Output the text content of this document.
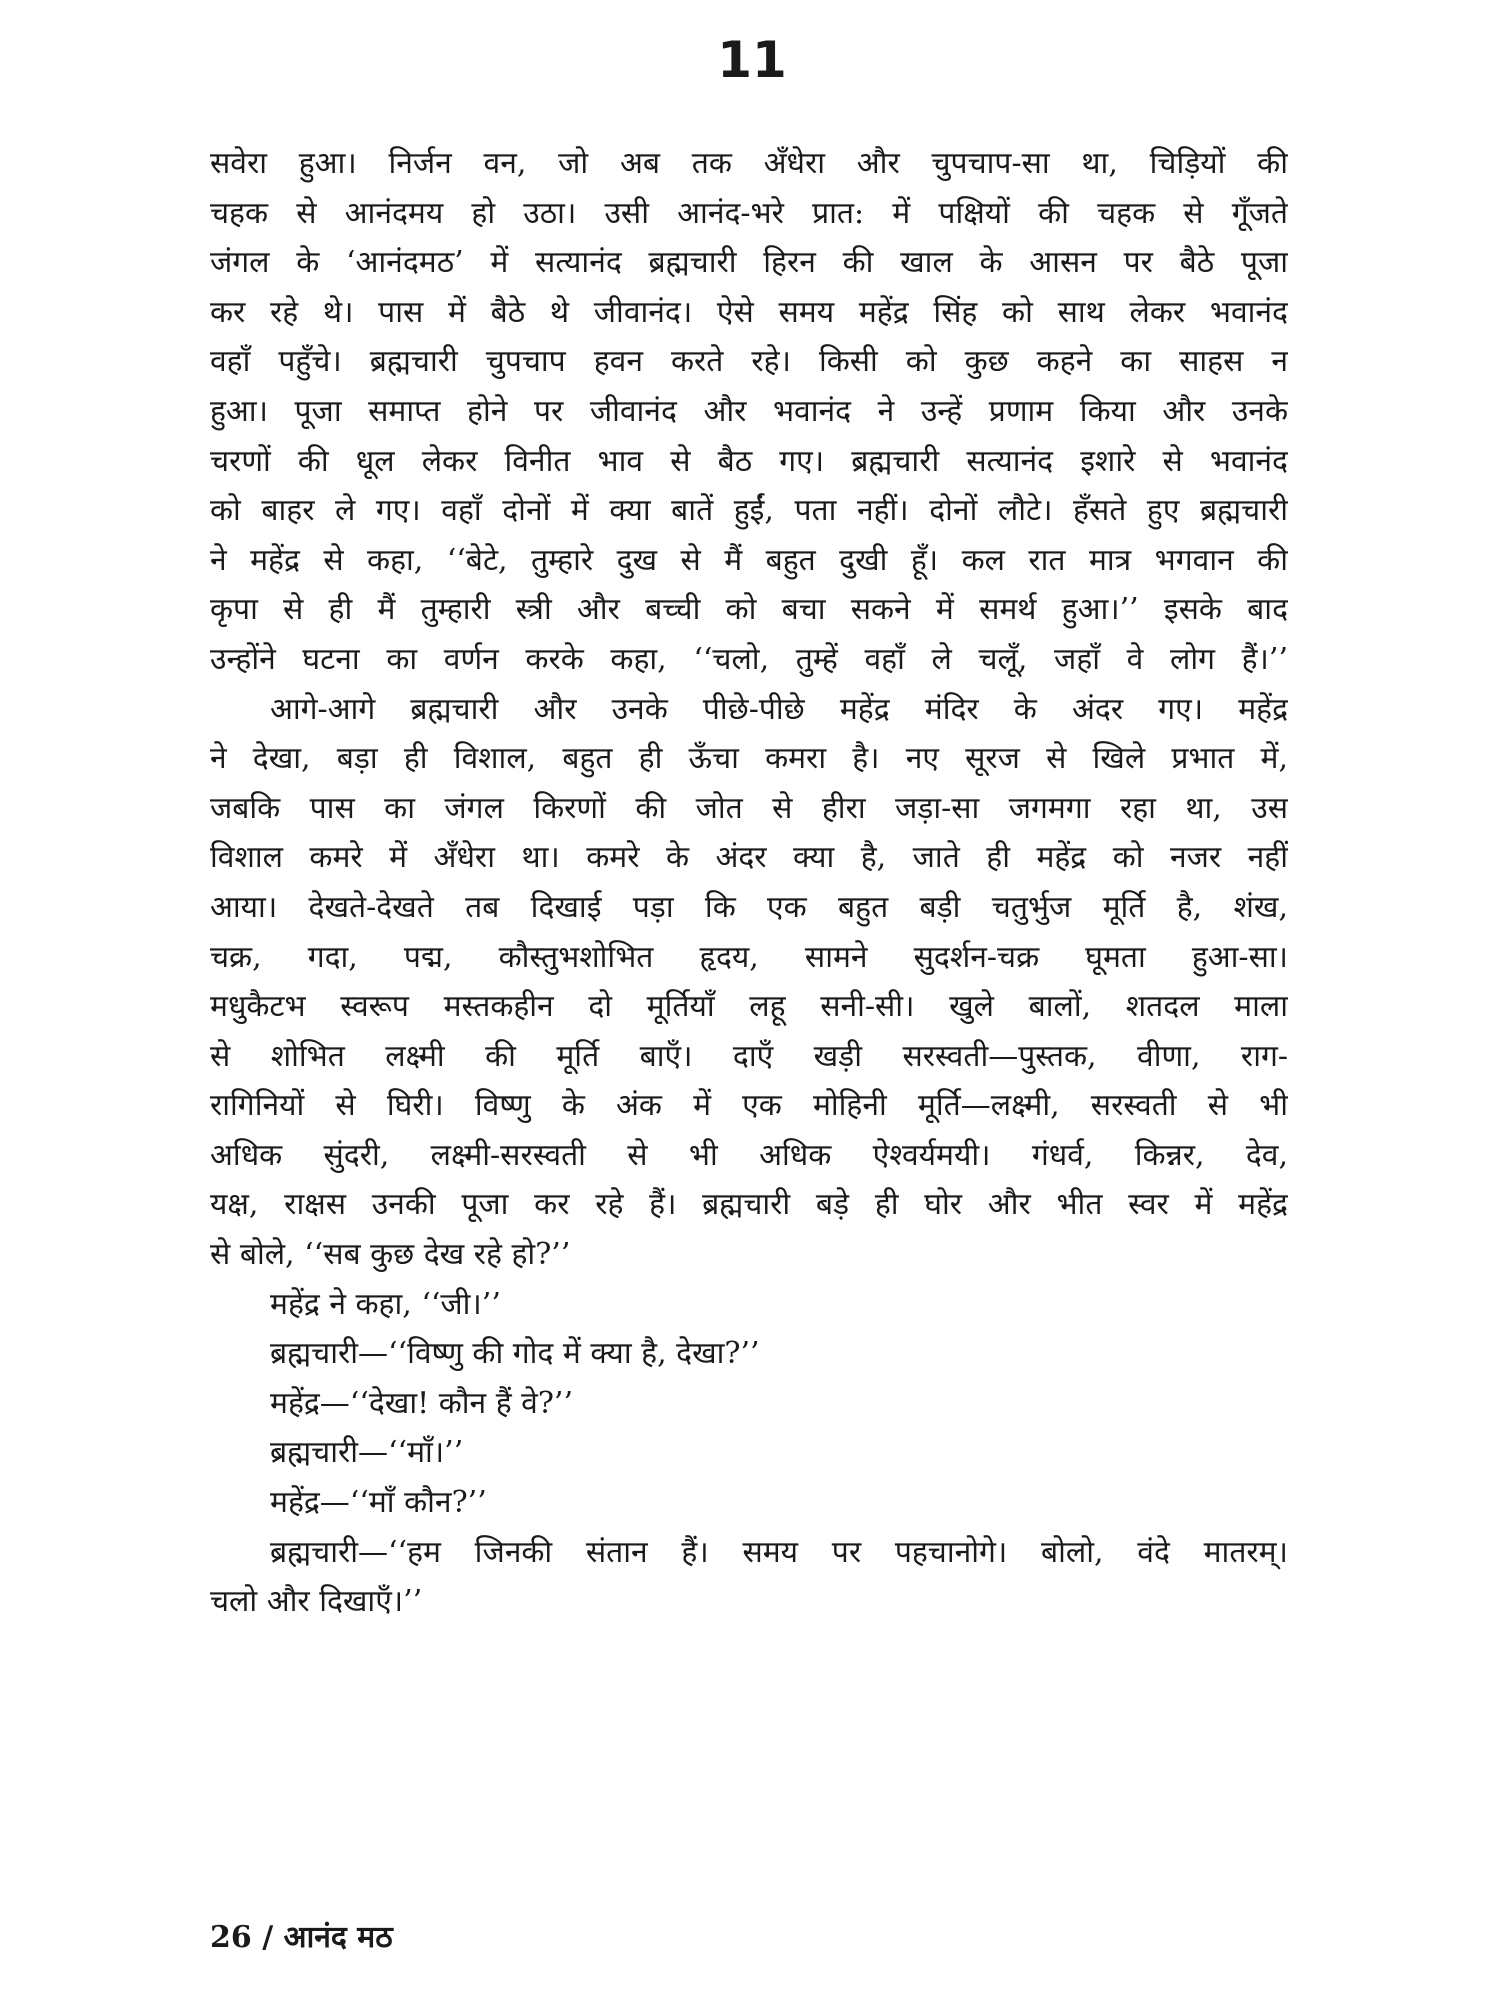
11

सवेरा हुआ। निर्जन वन, जो अब तक अँधेरा और चुपचाप-सा था, चिड़ियों की
चहक से आनंदमय हो उठा। उसी आनंद-भरे प्रात: में पक्षियों की चहक से गूँजते
जंगल के ‘आनंदमठ’ में सत्यानंद ब्रह्मचारी हिरन की खाल के आसन पर बैठे पूजा
कर रहे थे। पास में बैठे थे जीवानंद। ऐसे समय महेंद्र सिंह को साथ लेकर भवानंद
वहाँ पहुँचे। ब्रह्मचारी चुपचाप हवन करते रहे। किसी को कुछ कहने का साहस न
हुआ। पूजा समाप्त होने पर जीवानंद और भवानंद ने उन्हें प्रणाम किया और उनके
चरणों की धूल लेकर विनीत भाव से बैठ गए। ब्रह्मचारी सत्यानंद इशारे से भवानंद
को बाहर ले गए। वहाँ दोनों में क्या बातें हुईं, पता नहीं। दोनों लौटे। हँसते हुए ब्रह्मचारी
ने महेंद्र से कहा, ‘‘बेटे, तुम्हारे दुख से मैं बहुत दुखी हूँ। कल रात मात्र भगवान की
कृपा से ही मैं तुम्हारी स्त्री और बच्ची को बचा सकने में समर्थ हुआ।’’ इसके बाद
उन्होंने घटना का वर्णन करके कहा, ‘‘चलो, तुम्हें वहाँ ले चलूँ, जहाँ वे लोग हैं।’’

आगे-आगे ब्रह्मचारी और उनके पीछे-पीछे महेंद्र मंदिर के अंदर गए। महेंद्र
ने देखा, बड़ा ही विशाल, बहुत ही ऊँचा कमरा है। नए सूरज से खिले प्रभात में,
जबकि पास का जंगल किरणों की जोत से हीरा जड़ा-सा जगमगा रहा था, उस
विशाल कमरे में अँधेरा था। कमरे के अंदर क्या है, जाते ही महेंद्र को नजर नहीं
आया। देखते-देखते तब दिखाई पड़ा कि एक बहुत बड़ी चतुर्भुज मूर्ति है, शंख,
चक्र, गदा, पद्म, कौस्तुभशोभित हृदय, सामने सुदर्शन-चक्र घूमता हुआ-सा।
मधुकैटभ स्वरूप मस्तकहीन दो मूर्तियाँ लहू सनी-सी। खुले बालों, शतदल माला
से शोभित लक्ष्मी की मूर्ति बाएँ। दाएँ खड़ी सरस्वती—पुस्तक, वीणा, राग-
रागिनियों से घिरी। विष्णु के अंक में एक मोहिनी मूर्ति—लक्ष्मी, सरस्वती से भी
अधिक सुंदरी, लक्ष्मी-सरस्वती से भी अधिक ऐश्वर्यमयी। गंधर्व, किन्नर, देव,
यक्ष, राक्षस उनकी पूजा कर रहे हैं। ब्रह्मचारी बड़े ही घोर और भीत स्वर में महेंद्र
से बोले, ‘‘सब कुछ देख रहे हो?’’

महेंद्र ने कहा, ‘‘जी।’’

ब्रह्मचारी—‘‘विष्णु की गोद में क्या है, देखा?’’

महेंद्र—‘‘देखा! कौन हैं वे?’’

ब्रह्मचारी—‘‘माँ।’’

महेंद्र—‘‘माँ कौन?’’

ब्रह्मचारी—‘‘हम जिनकी संतान हैं। समय पर पहचानोगे। बोलो, वंदे मातरम्।
चलो और दिखाएँ।’’

26 / आनंद मठ
